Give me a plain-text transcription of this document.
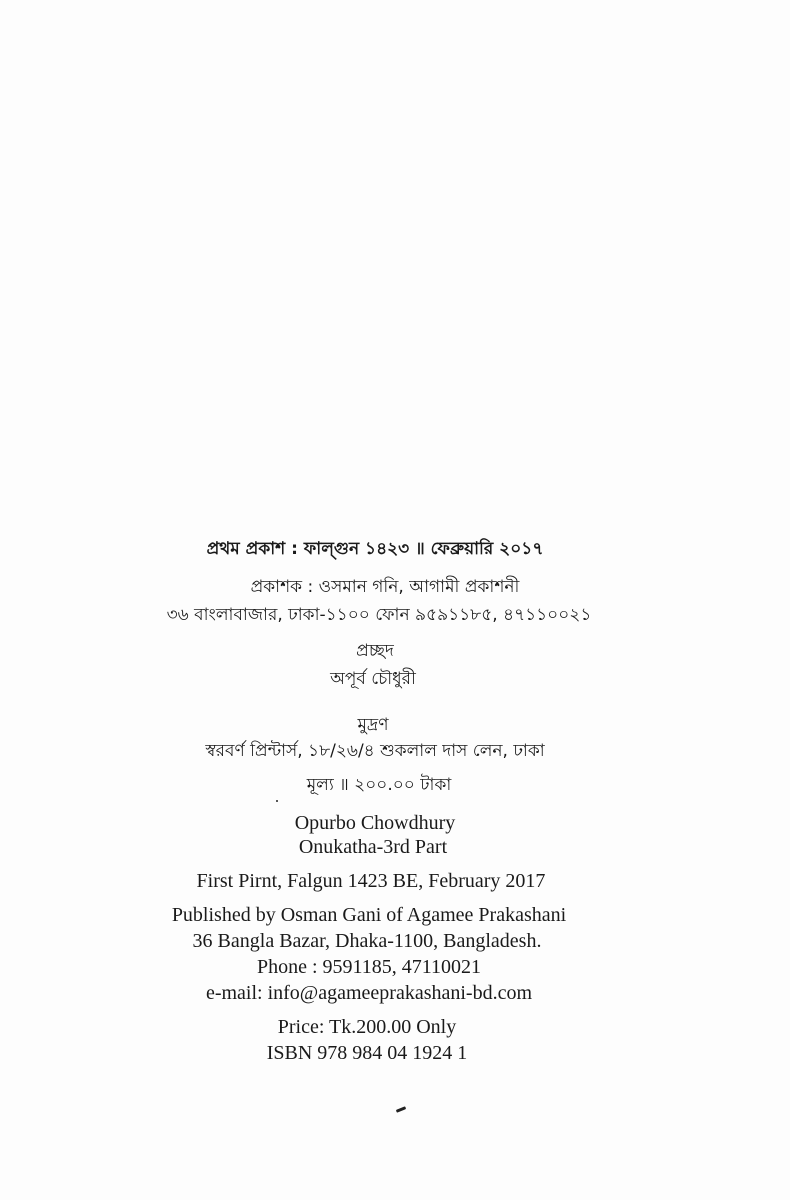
প্রথম প্রকাশ : ফাল্গুন ১৪২৩ ॥ ফেব্রুয়ারি ২০১৭
প্রকাশক : ওসমান গনি, আগামী প্রকাশনী
৩৬ বাংলাবাজার, ঢাকা-১১০০ ফোন ৯৫৯১১৮৫, ৪৭১১০০২১
প্রচ্ছদ
অপূর্ব চৌধুরী
মুদ্রণ
স্বরবর্ণ প্রিন্টার্স, ১৮/২৬/৪ শুকলাল দাস লেন, ঢাকা
মূল্য ॥ ২০০.০০ টাকা
Opurbo Chowdhury
Onukatha-3rd Part
First Pirnt, Falgun 1423 BE, February 2017
Published by Osman Gani of Agamee Prakashani
36 Bangla Bazar, Dhaka-1100, Bangladesh.
Phone : 9591185, 47110021
e-mail: info@agameeprakashani-bd.com
Price: Tk.200.00 Only
ISBN 978 984 04 1924 1
